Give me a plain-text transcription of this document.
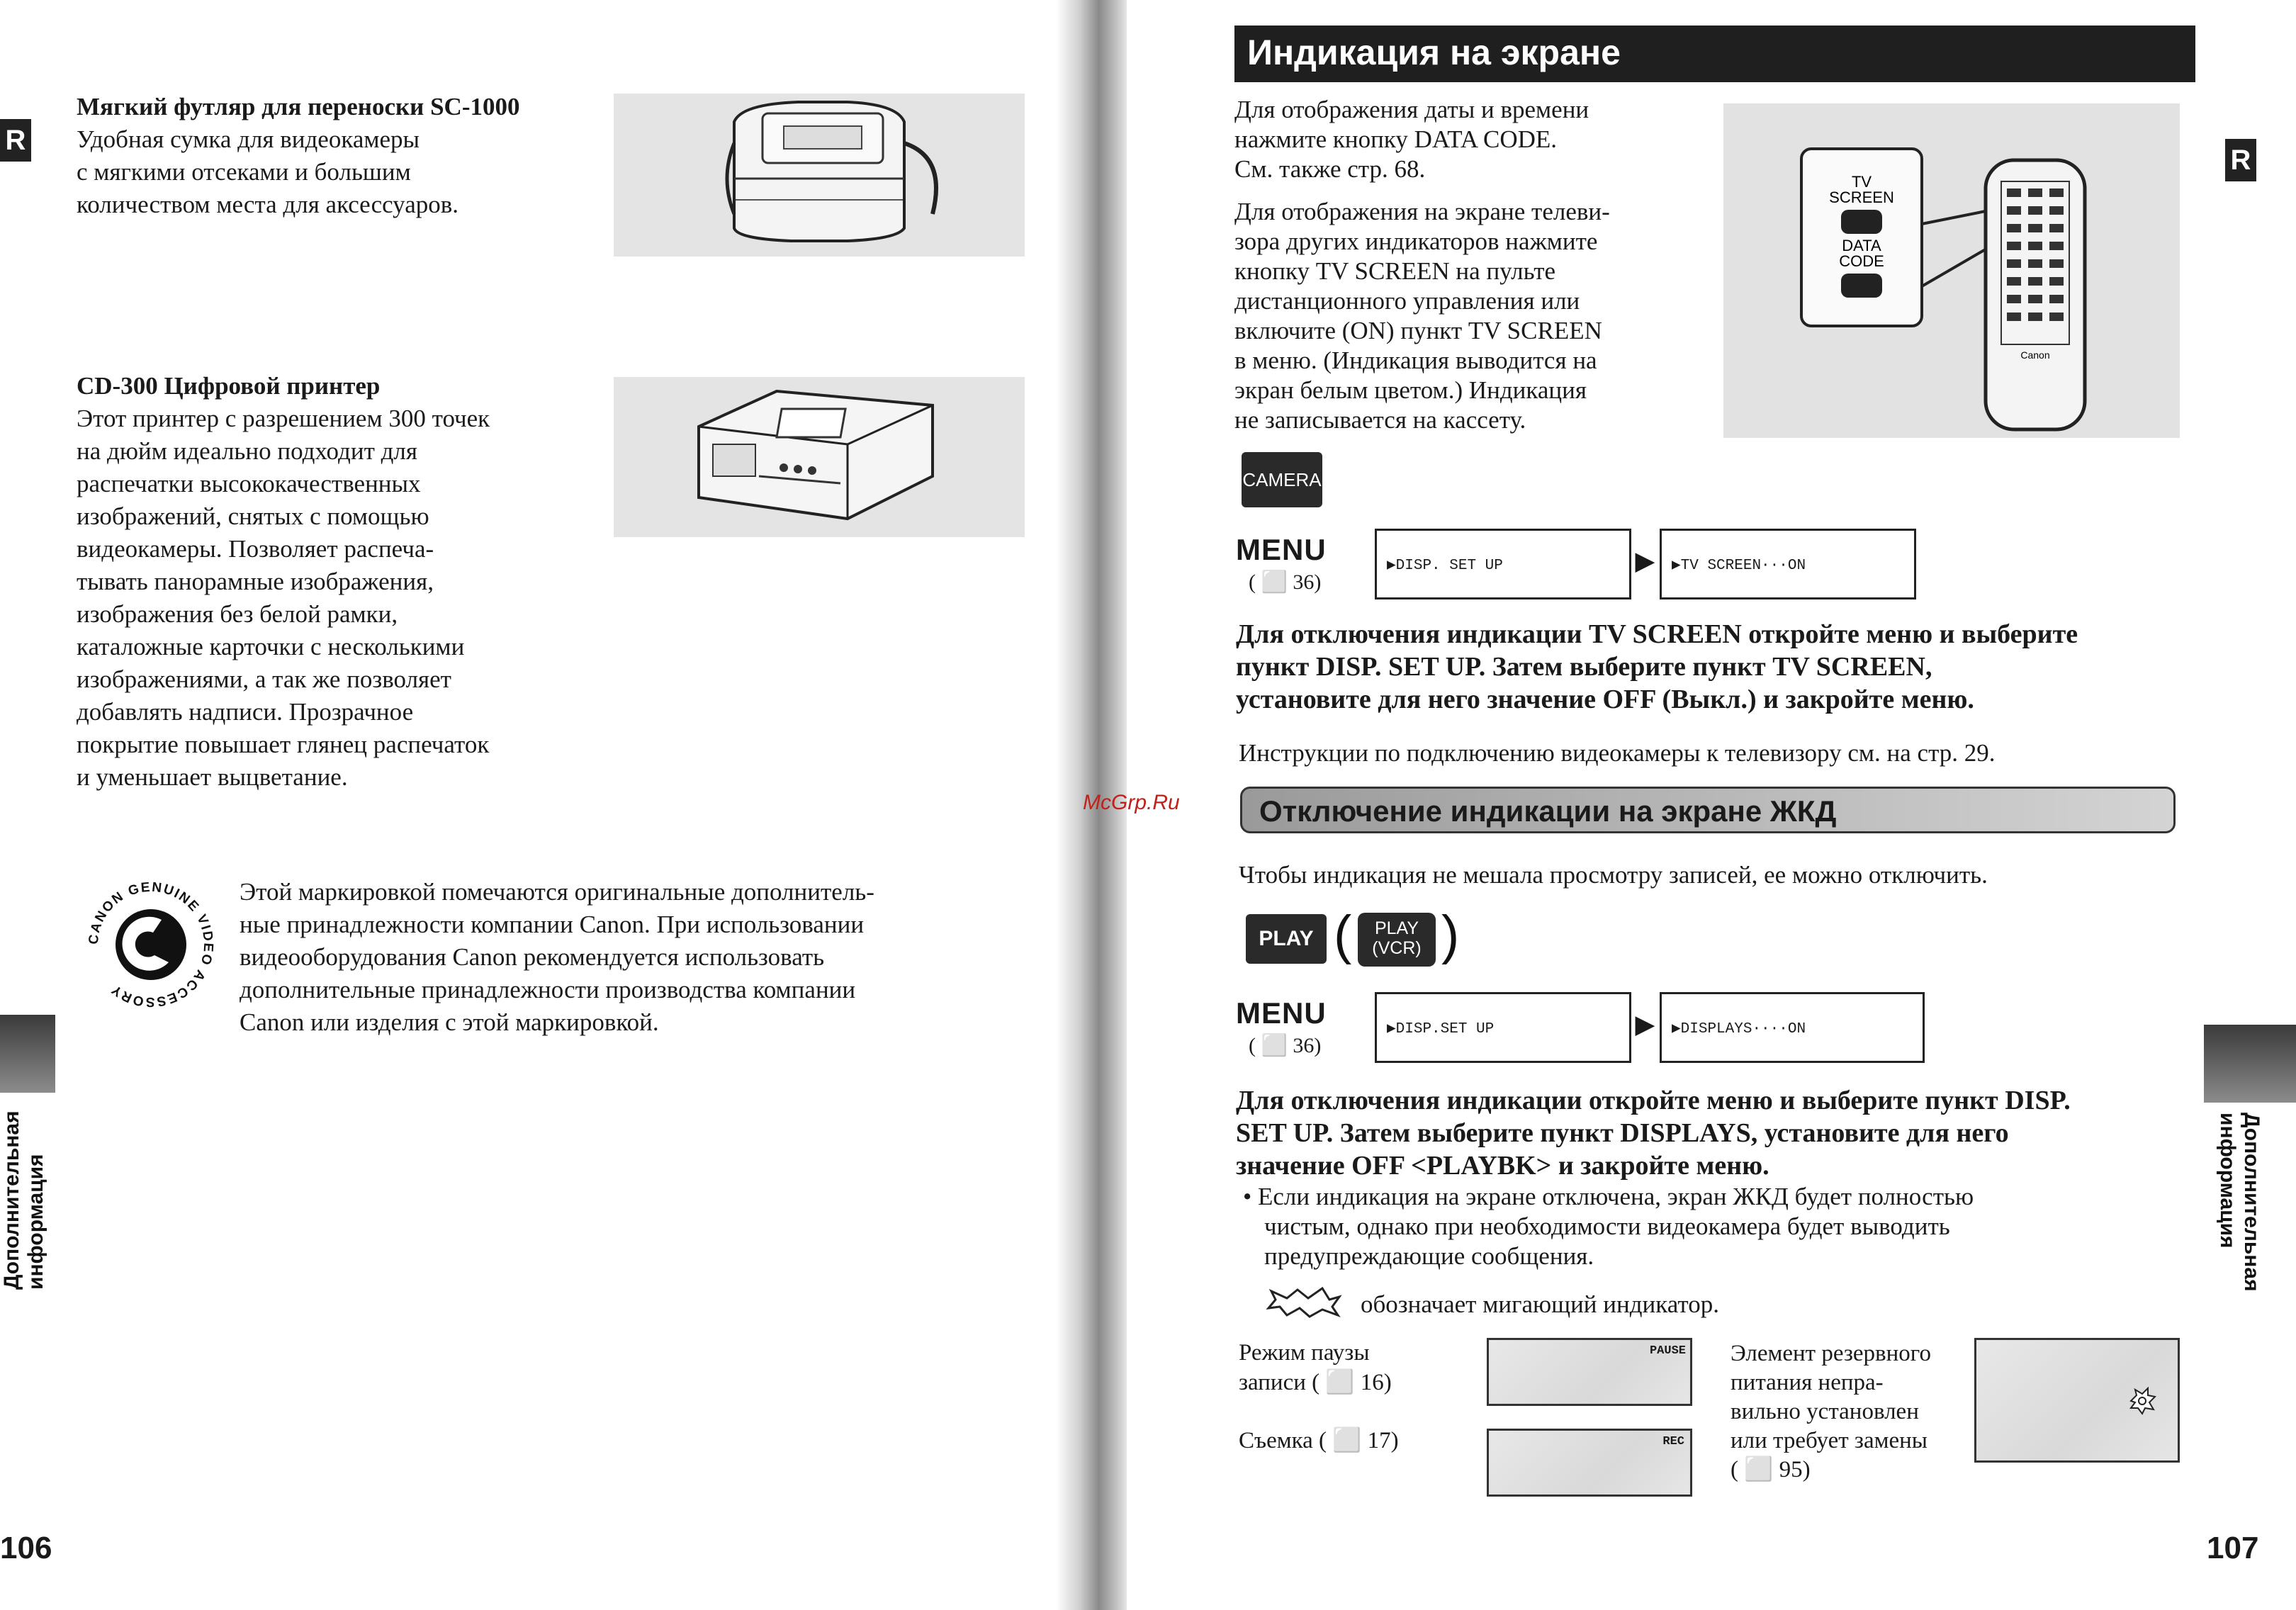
R
Мягкий футляр для переноски SC-1000
Удобная сумка для видеокамеры
с мягкими отсеками и большим
количеством места для аксессуаров.
CD-300 Цифровой принтер
Этот принтер с разрешением 300 точек
на дюйм идеально подходит для
распечатки высококачественных
изображений, снятых с помощью
видеокамеры. Позволяет распеча-
тывать панорамные изображения,
изображения без белой рамки,
каталожные карточки с несколькими
изображениями, а так же позволяет
добавлять надписи. Прозрачное
покрытие повышает глянец распечаток
и уменьшает выцветание.
CANON GENUINE VIDEO ACCESSORY
Этой маркировкой помечаются оригинальные дополнитель-
ные принадлежности компании Canon. При использовании
видеооборудования Canon рекомендуется использовать
дополнительные принадлежности производства компании
Canon или изделия с этой маркировкой.
Дополнительная информация
106
Индикация на экране
R
Для отображения даты и времени
нажмите кнопку DATA CODE.
См. также стр. 68.
Для отображения на экране телеви-
зора других индикаторов нажмите
кнопку TV SCREEN на пульте
дистанционного управления или
включите (ON) пункт TV SCREEN
в меню. (Индикация выводится на
экран белым цветом.) Индикация
не записывается на кассету.
TV
SCREEN
DATA
CODE
Canon
CAMERA
MENU
( ⬜ 36)
▶DISP. SET UP	▶	▶TV SCREEN···ON
Для отключения индикации TV SCREEN откройте меню и выберите
пункт DISP. SET UP. Затем выберите пункт TV SCREEN,
установите для него значение OFF (Выкл.) и закройте меню.
Инструкции по подключению видеокамеры к телевизору см. на стр. 29.
Отключение индикации на экране ЖКД
Чтобы индикация не мешала просмотру записей, ее можно отключить.
PLAY (	PLAY
(VCR) )
MENU
( ⬜ 36)
▶DISP.SET UP	▶	▶DISPLAYS····ON
Для отключения индикации откройте меню и выберите пункт DISP.
SET UP. Затем выберите пункт DISPLAYS, установите для него
значение OFF <PLAYBK> и закройте меню.
• Если индикация на экране отключена, экран ЖКД будет полностью
чистым, однако при необходимости видеокамера будет выводить
предупреждающие сообщения.
обозначает мигающий индикатор.
Режим паузы
записи ( ⬜ 16)
PAUSE
Съемка ( ⬜ 17)	REC
Элемент резервного
питания непра-
вильно установлен
или требует замены
( ⬜ 95)
Дополнительная информация
107
McGrp.Ru
